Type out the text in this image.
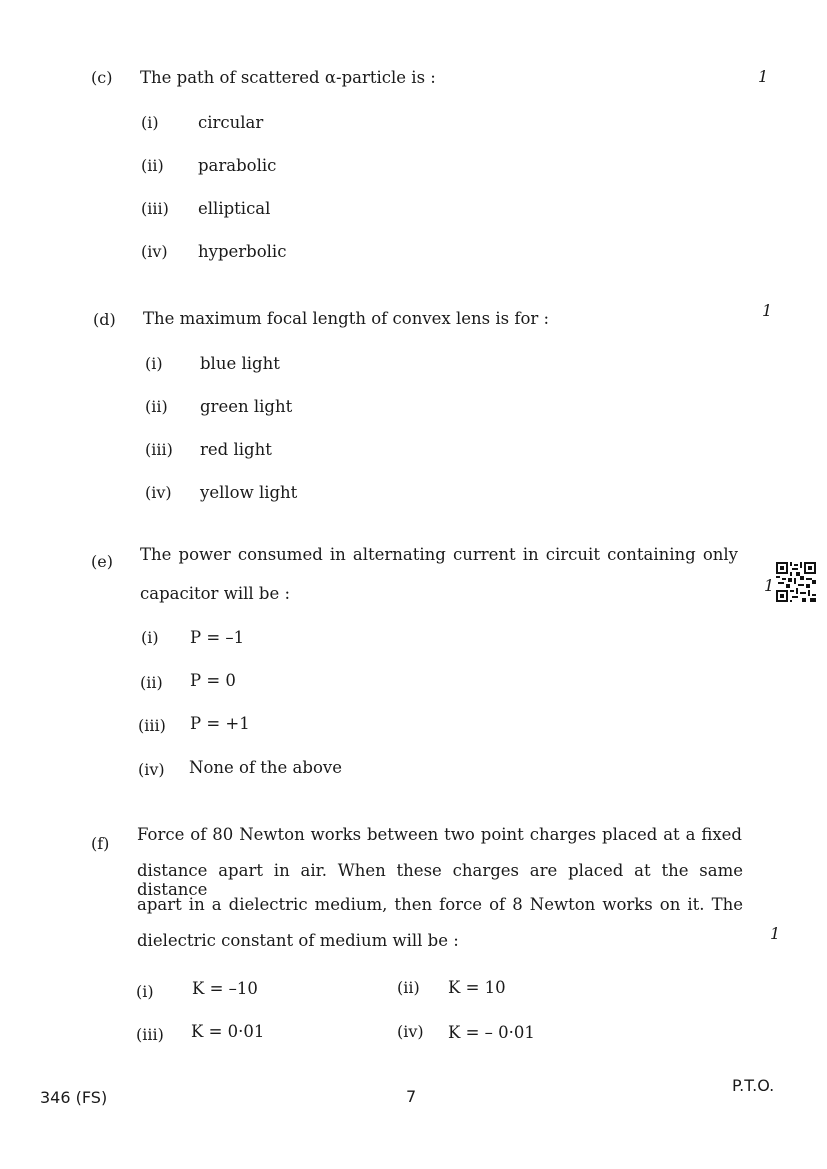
(c) The path of scattered α-particle is :	1
(i) circular
(ii) parabolic
(iii) elliptical
(iv) hyperbolic
(d) The maximum focal length of convex lens is for :	1
(i) blue light
(ii) green light
(iii) red light
(iv) yellow light
(e) The power consumed in alternating current in circuit containing only
capacitor will be :	1
(i) P = –1
(ii) P = 0
(iii) P = +1
(iv) None of the above
(f) Force of 80 Newton works between two point charges placed at a fixed
distance apart in air. When these charges are placed at the same distance
apart in a dielectric medium, then force of 8 Newton works on it. The
dielectric constant of medium will be :	1
(i) K = –10	(ii) K = 10
(iii) K = 0·01	(iv) K = – 0·01
346 (FS)	7
P.T.O.
